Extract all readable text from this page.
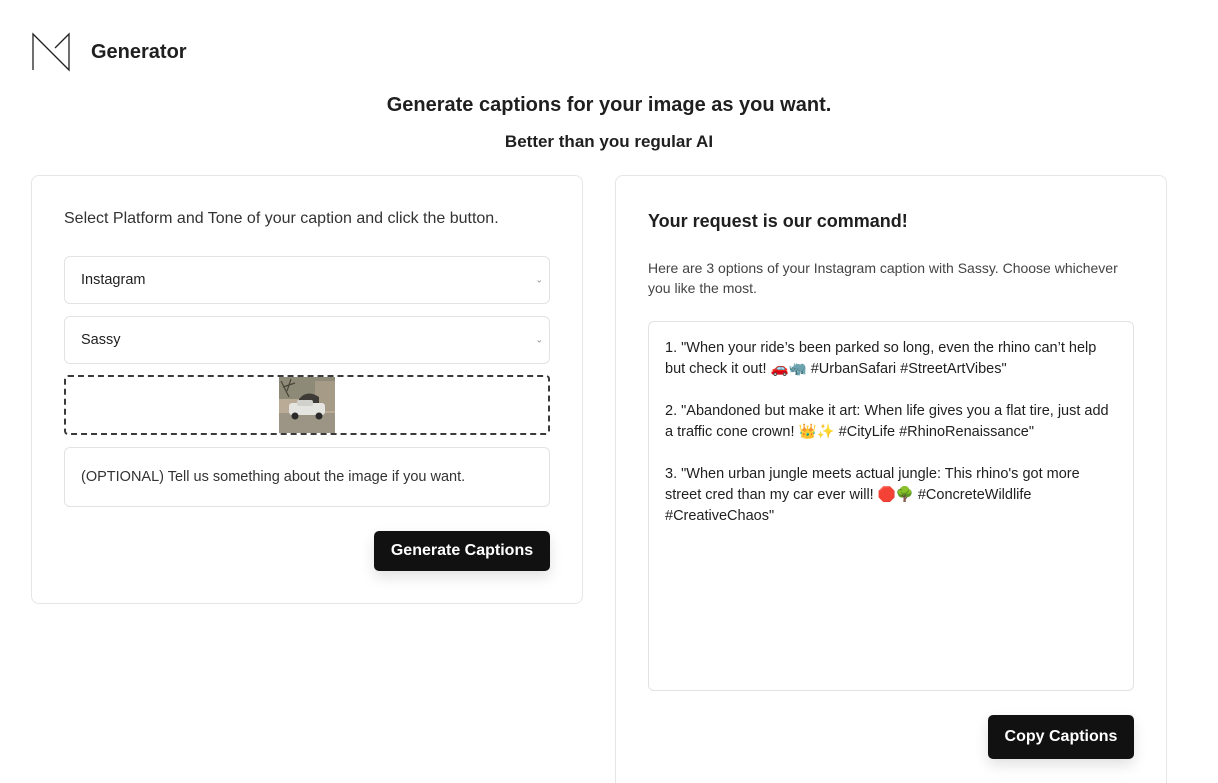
Generator
Generate captions for your image as you want.
Better than you regular AI
Select Platform and Tone of your caption and click the button.
Instagram	⌄
Sassy	⌄
(OPTIONAL) Tell us something about the image if you want.
Generate Captions
Your request is our command!
Here are 3 options of your Instagram caption with Sassy. Choose whichever you like the most.
1. "When your ride’s been parked so long, even the rhino can’t help but check it out! 🚗🦏 #UrbanSafari #StreetArtVibes"
2. "Abandoned but make it art: When life gives you a flat tire, just add a traffic cone crown! 👑✨ #CityLife #RhinoRenaissance"
3. "When urban jungle meets actual jungle: This rhino's got more street cred than my car ever will! 🛑🌳 #ConcreteWildlife #CreativeChaos"
Copy Captions
